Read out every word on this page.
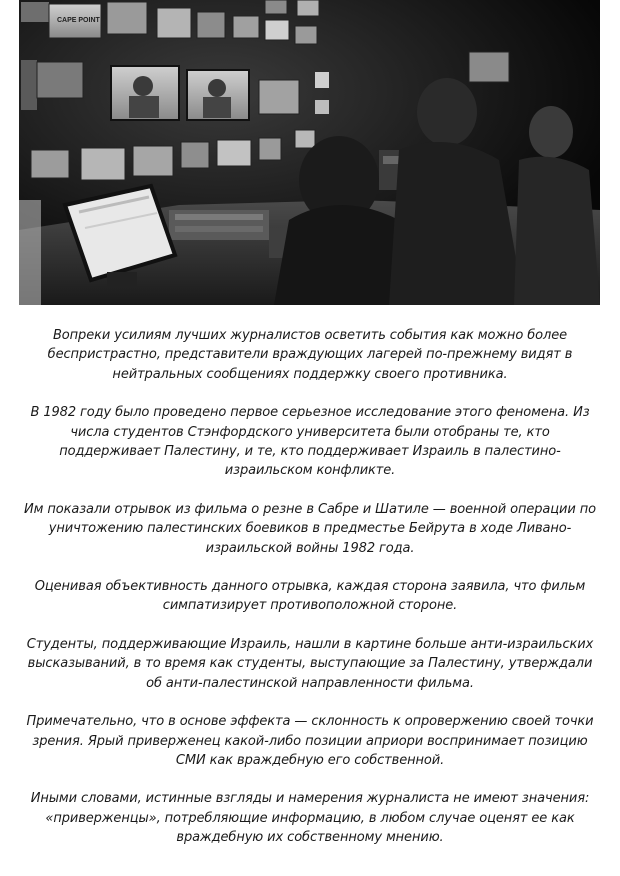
CAPE POINT

Вопреки усилиям лучших журналистов осветить события как можно более беспристрастно, представители враждующих лагерей по-прежнему видят в нейтральных сообщениях поддержку своего противника.

В 1982 году было проведено первое серьезное исследование этого феномена. Из числа студентов Стэнфордского университета были отобраны те, кто поддерживает Палестину, и те, кто поддерживает Израиль в палестино-израильском конфликте.

Им показали отрывок из фильма о резне в Сабре и Шатиле — военной операции по уничтожению палестинских боевиков в предместье Бейрута в ходе Ливано-израильской войны 1982 года.

Оценивая объективность данного отрывка, каждая сторона заявила, что фильм симпатизирует противоположной стороне.

Студенты, поддерживающие Израиль, нашли в картине больше анти-израильских высказываний, в то время как студенты, выступающие за Палестину, утверждали об анти-палестинской направленности фильма.

Примечательно, что в основе эффекта — склонность к опровержению своей точки зрения. Ярый приверженец какой-либо позиции априори воспринимает позицию СМИ как враждебную его собственной.

Иными словами, истинные взгляды и намерения журналиста не имеют значения: «приверженцы», потребляющие информацию, в любом случае оценят ее как враждебную их собственному мнению.
